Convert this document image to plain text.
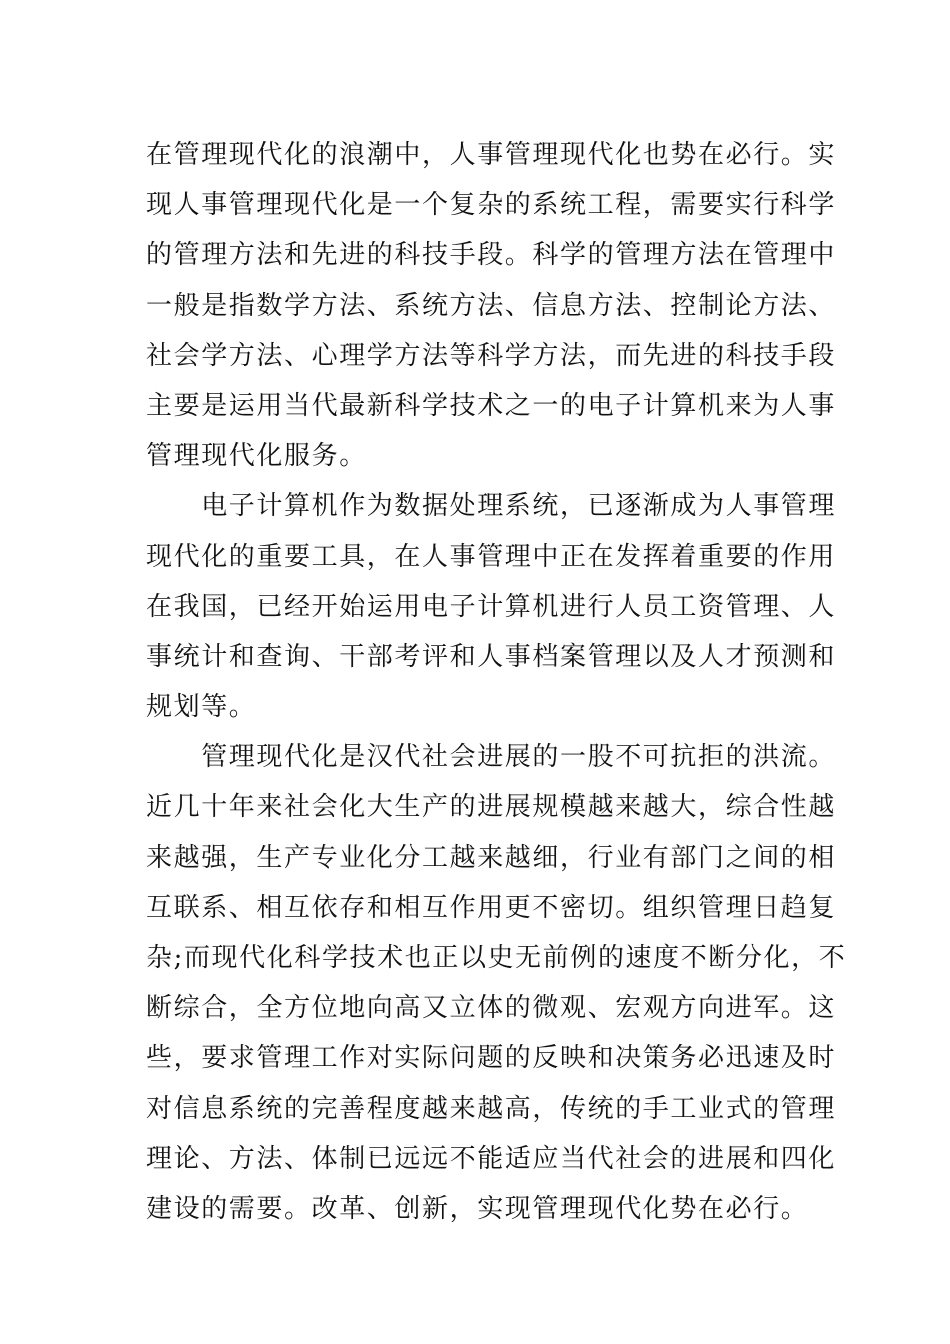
在管理现代化的浪潮中，人事管理现代化也势在必行。实
现人事管理现代化是一个复杂的系统工程，需要实行科学
的管理方法和先进的科技手段。科学的管理方法在管理中
一般是指数学方法、系统方法、信息方法、控制论方法、
社会学方法、心理学方法等科学方法，而先进的科技手段
主要是运用当代最新科学技术之一的电子计算机来为人事
管理现代化服务。
　　电子计算机作为数据处理系统，已逐渐成为人事管理
现代化的重要工具，在人事管理中正在发挥着重要的作用
在我国，已经开始运用电子计算机进行人员工资管理、人
事统计和查询、干部考评和人事档案管理以及人才预测和
规划等。
　　管理现代化是汉代社会进展的一股不可抗拒的洪流。
近几十年来社会化大生产的进展规模越来越大，综合性越
来越强，生产专业化分工越来越细，行业有部门之间的相
互联系、相互依存和相互作用更不密切。组织管理日趋复
杂;而现代化科学技术也正以史无前例的速度不断分化，不
断综合，全方位地向高又立体的微观、宏观方向进军。这
些，要求管理工作对实际问题的反映和决策务必迅速及时
对信息系统的完善程度越来越高，传统的手工业式的管理
理论、方法、体制已远远不能适应当代社会的进展和四化
建设的需要。改革、创新，实现管理现代化势在必行。
